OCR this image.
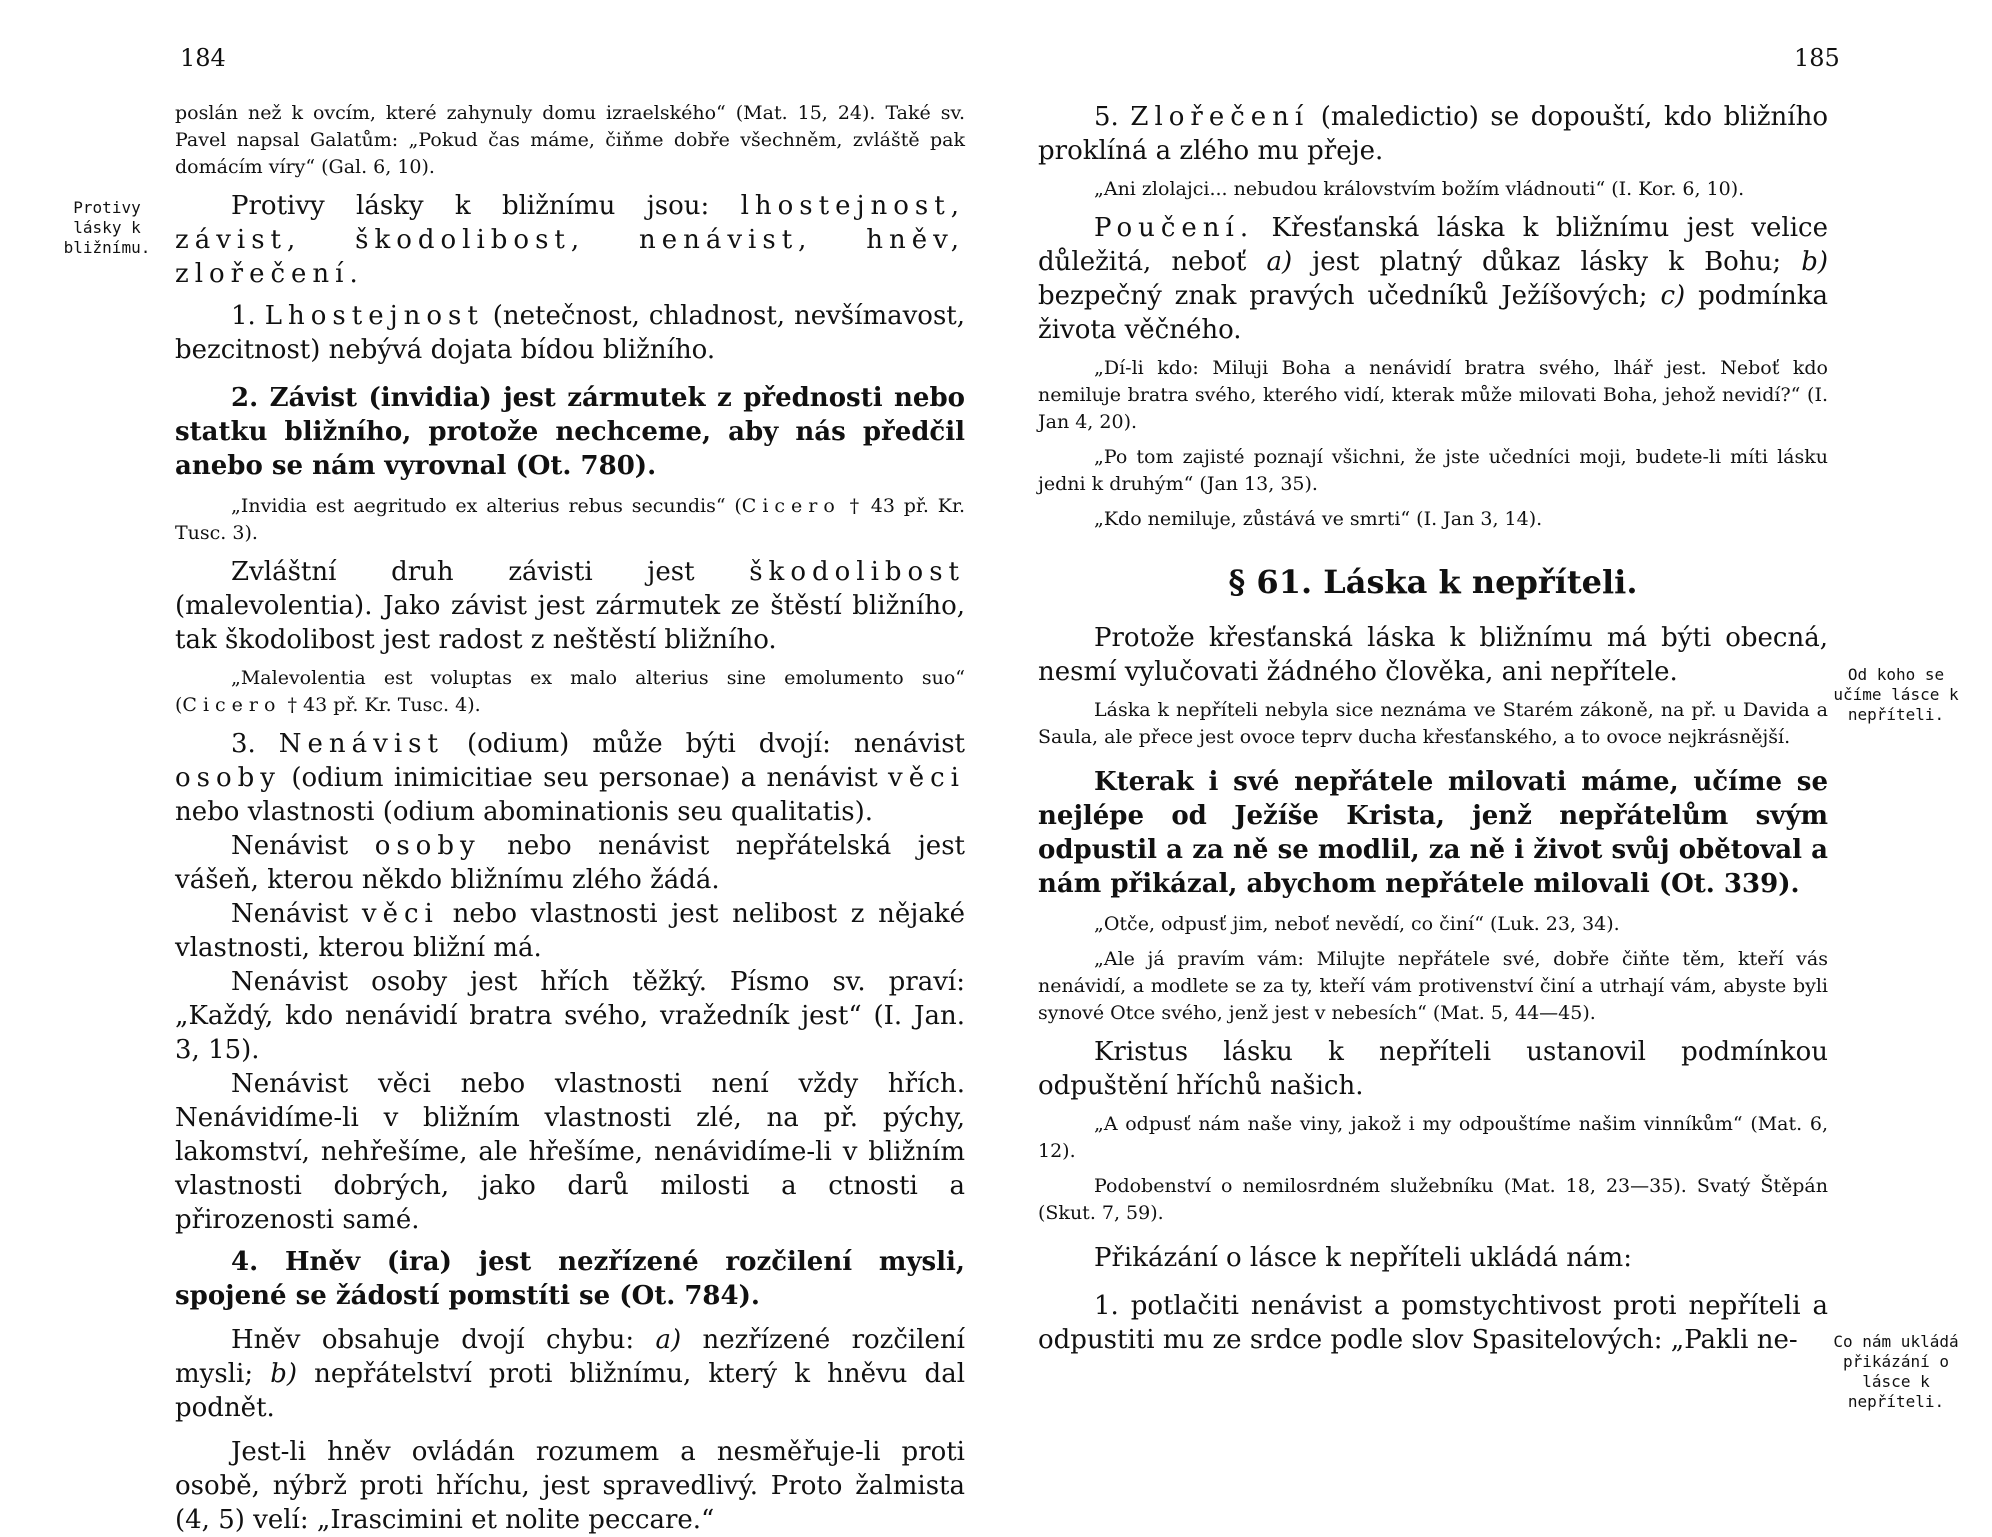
184
Protivy lásky k bližnímu.

poslán než k ovcím, které zahynuly domu izraelského“ (Mat. 15, 24). Také sv. Pavel napsal Galatům: „Pokud čas máme, čiňme dobře všechněm, zvláště pak domácím víry“ (Gal. 6, 10).

Protivy lásky k bližnímu jsou: lhostejnost, závist, škodolibost, nenávist, hněv, zlořečení.

1. Lhostejnost (netečnost, chladnost, nevšímavost, bezcitnost) nebývá dojata bídou bližního.

2. Závist (invidia) jest zármutek z přednosti nebo statku bližního, protože nechceme, aby nás předčil anebo se nám vyrovnal (Ot. 780).

„Invidia est aegritudo ex alterius rebus secundis“ (Cicero † 43 př. Kr. Tusc. 3).

Zvláštní druh závisti jest škodolibost (malevolentia). Jako závist jest zármutek ze štěstí bližního, tak škodolibost jest radost z neštěstí bližního.

„Malevolentia est voluptas ex malo alterius sine emolumento suo“ (Cicero † 43 př. Kr. Tusc. 4).

3. Nenávist (odium) může býti dvojí: nenávist osoby (odium inimicitiae seu personae) a nenávist věci nebo vlastnosti (odium abominationis seu qualitatis).

Nenávist osoby nebo nenávist nepřátelská jest vášeň, kterou někdo bližnímu zlého žádá.

Nenávist věci nebo vlastnosti jest nelibost z nějaké vlastnosti, kterou bližní má.

Nenávist osoby jest hřích těžký. Písmo sv. praví: „Každý, kdo nenávidí bratra svého, vražedník jest“ (I. Jan. 3, 15).

Nenávist věci nebo vlastnosti není vždy hřích. Nenávidíme-li v bližním vlastnosti zlé, na př. pýchy, lakomství, nehřešíme, ale hřešíme, nenávidíme-li v bližním vlastnosti dobrých, jako darů milosti a ctnosti a přirozenosti samé.

4. Hněv (ira) jest nezřízené rozčilení mysli, spojené se žádostí pomstíti se (Ot. 784).

Hněv obsahuje dvojí chybu: a) nezřízené rozčilení mysli; b) nepřátelství proti bližnímu, který k hněvu dal podnět.

Jest-li hněv ovládán rozumem a nesměřuje-li proti osobě, nýbrž proti hříchu, jest spravedlivý. Proto žalmista (4, 5) velí: „Irascimini et nolite peccare.“

185
Od koho se učíme lásce k nepříteli.
Co nám ukládá přikázání o lásce k nepříteli.

5. Zlořečení (maledictio) se dopouští, kdo bližního proklíná a zlého mu přeje.

„Ani zlolajci... nebudou královstvím božím vládnouti“ (I. Kor. 6, 10).

Poučení. Křesťanská láska k bližnímu jest velice důležitá, neboť a) jest platný důkaz lásky k Bohu; b) bezpečný znak pravých učedníků Ježíšových; c) podmínka života věčného.

„Dí-li kdo: Miluji Boha a nenávidí bratra svého, lhář jest. Neboť kdo nemiluje bratra svého, kterého vidí, kterak může milovati Boha, jehož nevidí?“ (I. Jan 4, 20).

„Po tom zajisté poznají všichni, že jste učedníci moji, budete-li míti lásku jedni k druhým“ (Jan 13, 35).

„Kdo nemiluje, zůstává ve smrti“ (I. Jan 3, 14).

§ 61. Láska k nepříteli.

Protože křesťanská láska k bližnímu má býti obecná, nesmí vylučovati žádného člověka, ani nepřítele.

Láska k nepříteli nebyla sice neznáma ve Starém zákoně, na př. u Davida a Saula, ale přece jest ovoce teprv ducha křesťanského, a to ovoce nejkrásnější.

Kterak i své nepřátele milovati máme, učíme se nejlépe od Ježíše Krista, jenž nepřátelům svým odpustil a za ně se modlil, za ně i život svůj obětoval a nám přikázal, abychom nepřátele milovali (Ot. 339).

„Otče, odpusť jim, neboť nevědí, co činí“ (Luk. 23, 34).

„Ale já pravím vám: Milujte nepřátele své, dobře čiňte těm, kteří vás nenávidí, a modlete se za ty, kteří vám protivenství činí a utrhají vám, abyste byli synové Otce svého, jenž jest v nebesích“ (Mat. 5, 44—45).

Kristus lásku k nepříteli ustanovil podmínkou odpuštění hříchů našich.

„A odpusť nám naše viny, jakož i my odpouštíme našim vinníkům“ (Mat. 6, 12).

Podobenství o nemilosrdném služebníku (Mat. 18, 23—35). Svatý Štěpán (Skut. 7, 59).

Přikázání o lásce k nepříteli ukládá nám:

1. potlačiti nenávist a pomstychtivost proti nepříteli a odpustiti mu ze srdce podle slov Spasitelových: „Pakli ne-
